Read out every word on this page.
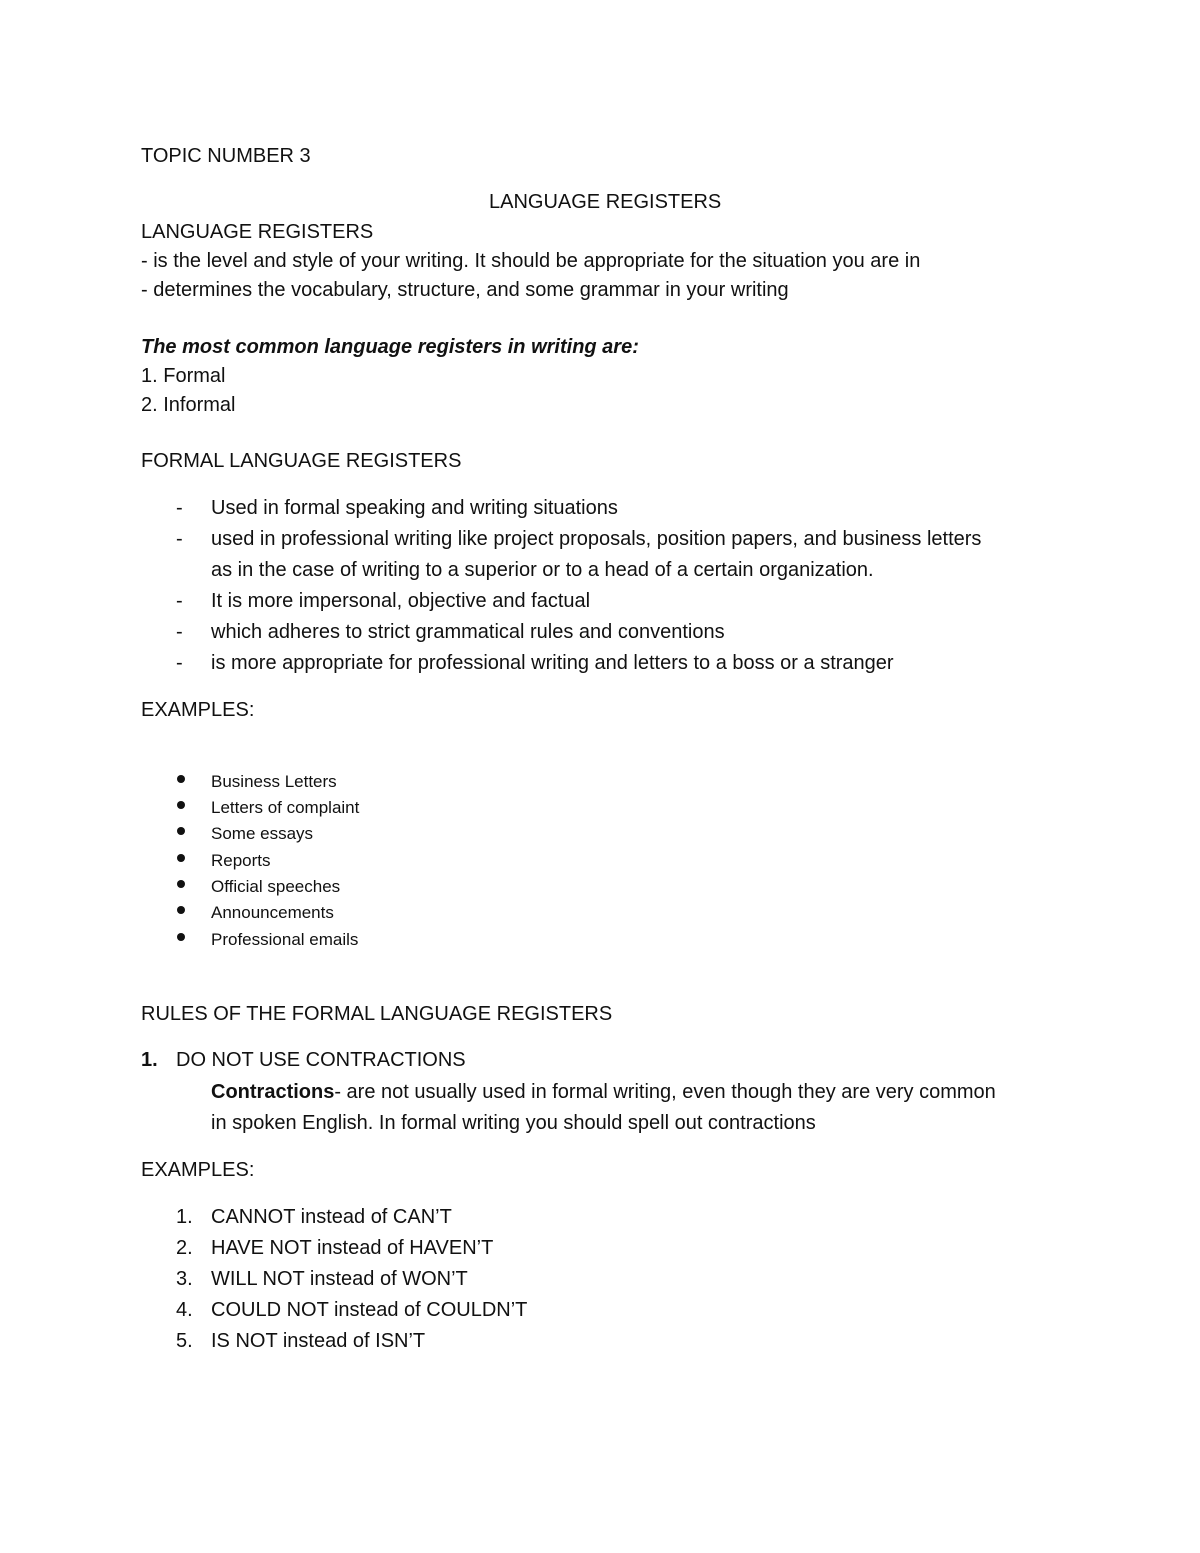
TOPIC NUMBER 3
LANGUAGE REGISTERS
LANGUAGE REGISTERS
- is the level and style of your writing. It should be appropriate for the situation you are in
- determines the vocabulary, structure, and some grammar in your writing
The most common language registers in writing are:
1. Formal
2. Informal
FORMAL LANGUAGE REGISTERS
- Used in formal speaking and writing situations
- used in professional writing like project proposals, position papers, and business letters
as in the case of writing to a superior or to a head of a certain organization.
- It is more impersonal, objective and factual
- which adheres to strict grammatical rules and conventions
- is more appropriate for professional writing and letters to a boss or a stranger
EXAMPLES:
Business Letters
Letters of complaint
Some essays
Reports
Official speeches
Announcements
Professional emails
RULES OF THE FORMAL LANGUAGE REGISTERS
1. DO NOT USE CONTRACTIONS
Contractions- are not usually used in formal writing, even though they are very common
in spoken English. In formal writing you should spell out contractions
EXAMPLES:
1. CANNOT instead of CAN’T
2. HAVE NOT instead of HAVEN’T
3. WILL NOT instead of WON’T
4. COULD NOT instead of COULDN’T
5. IS NOT instead of ISN’T
